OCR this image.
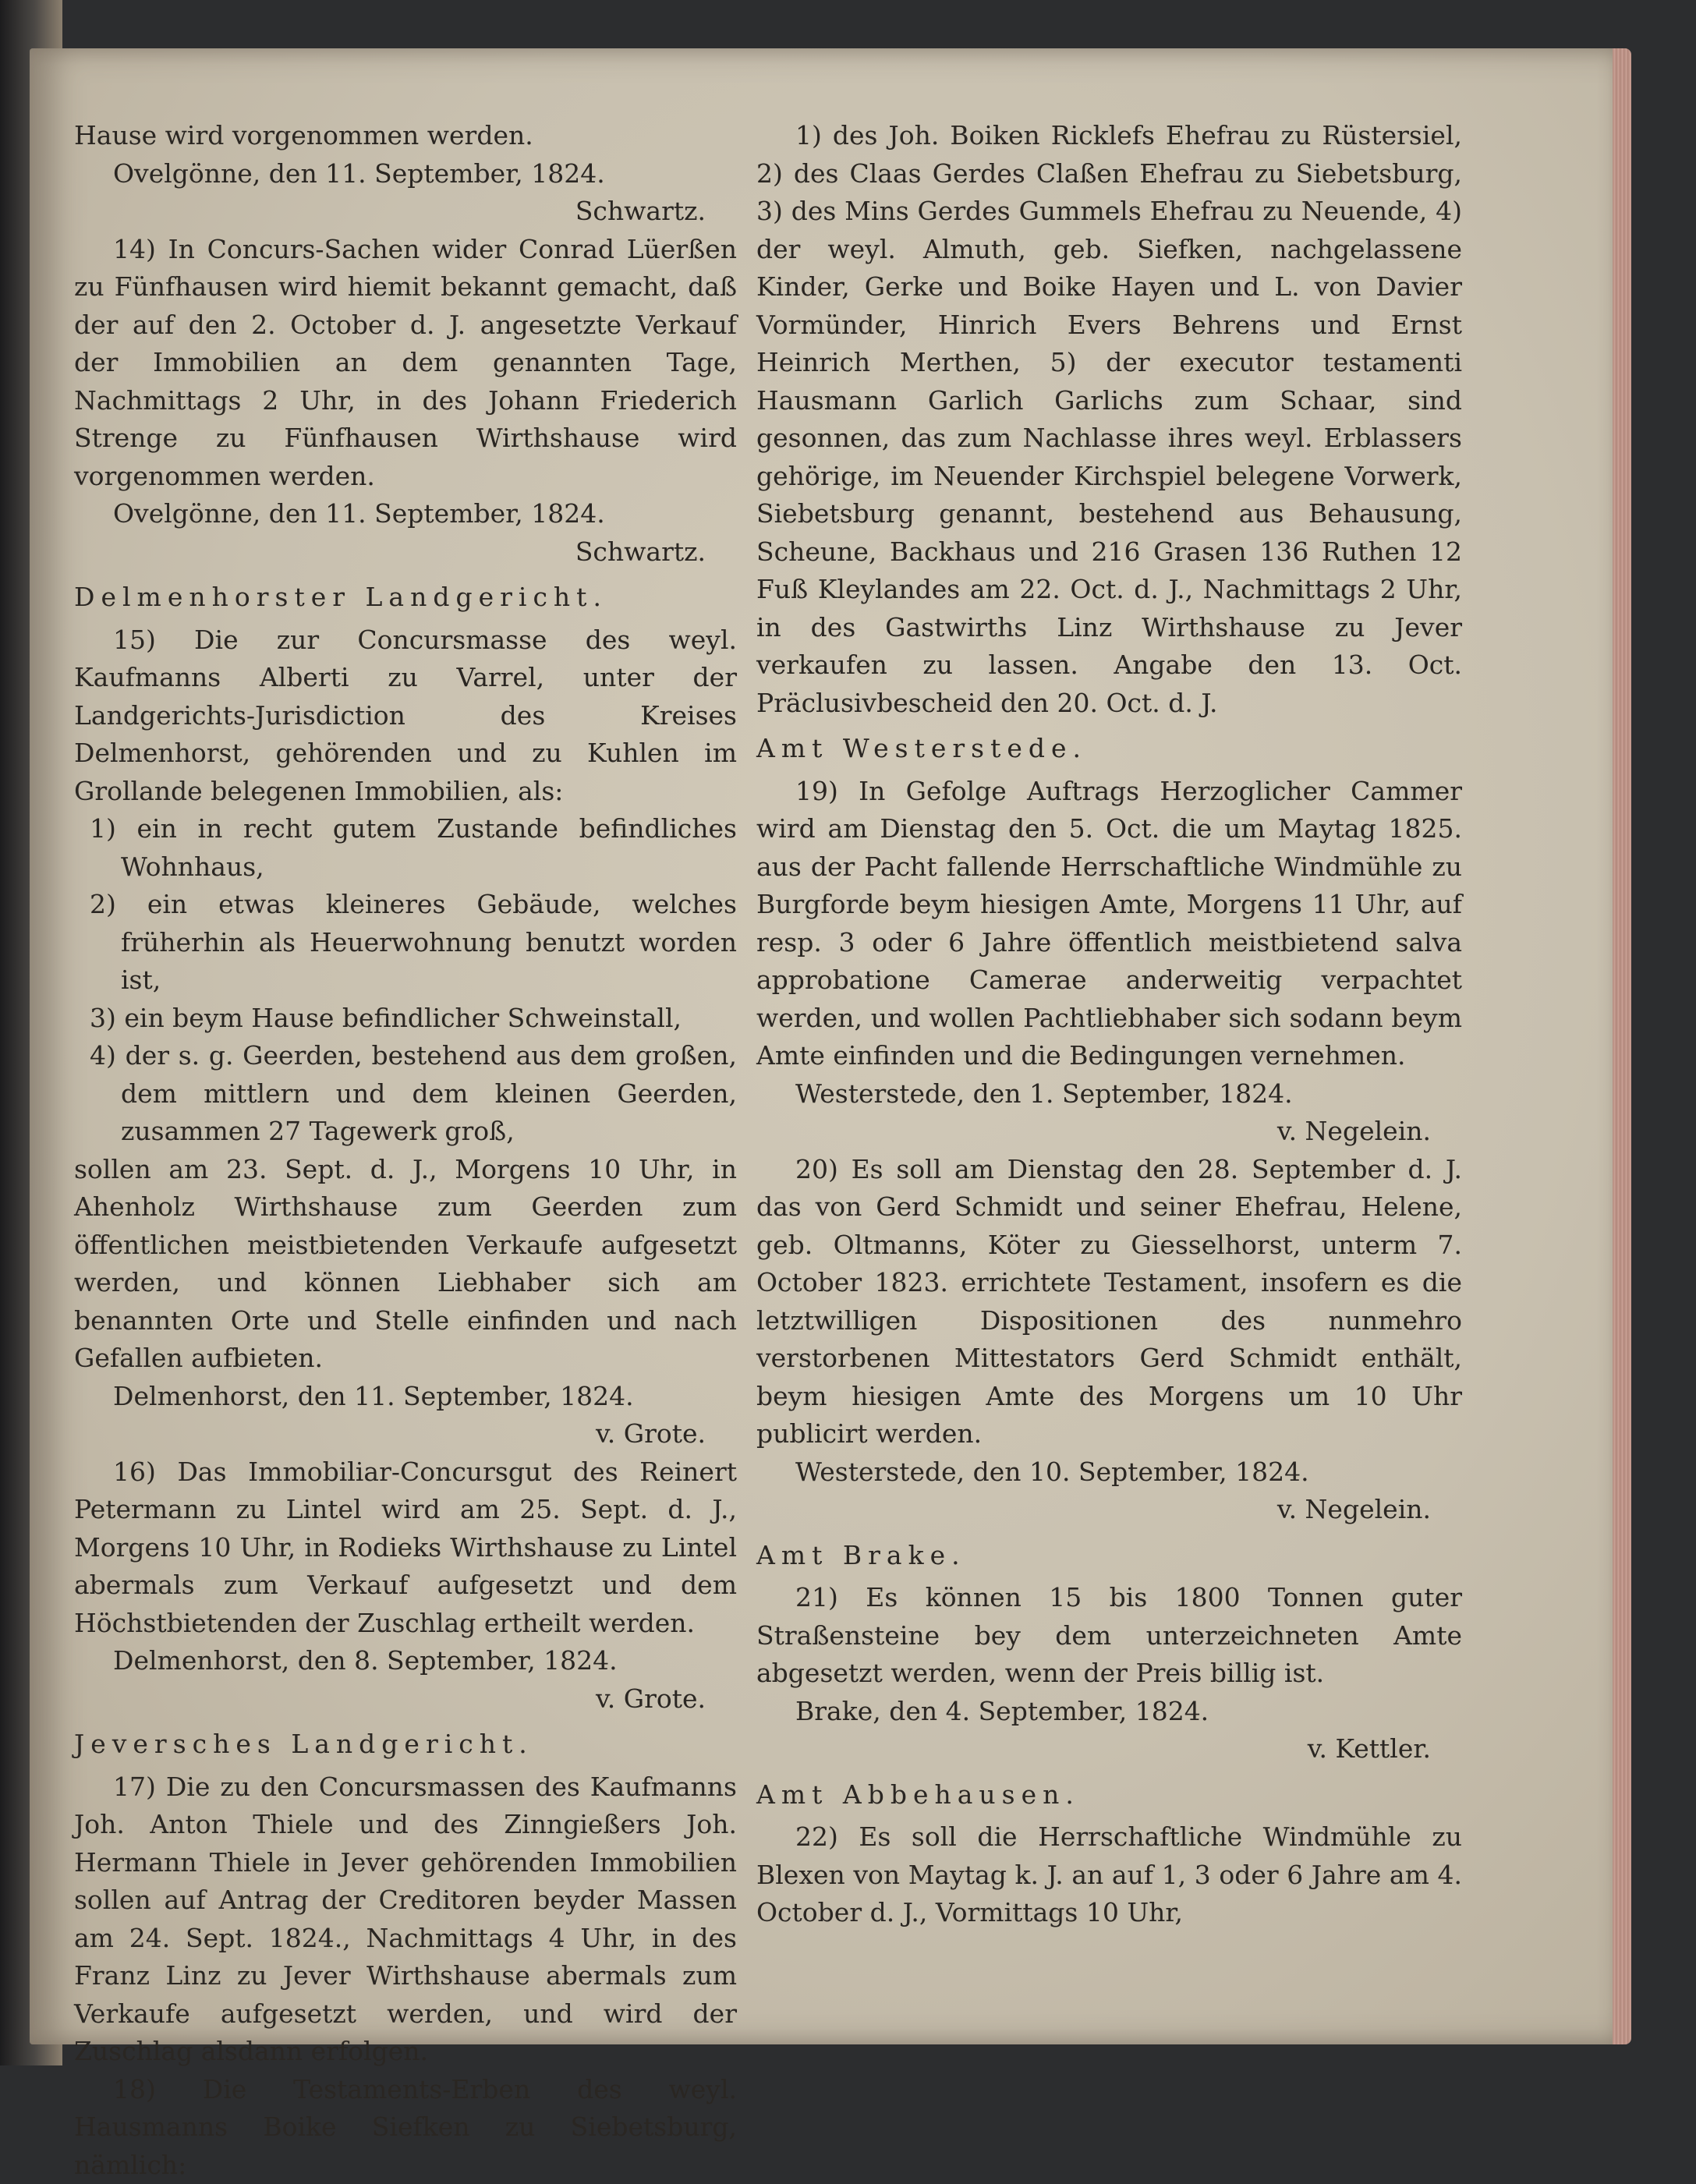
Hause wird vorgenommen werden.

Ovelgönne, den 11. September, 1824.

Schwartz.

14) In Concurs-Sachen wider Conrad Lüerßen zu Fünfhausen wird hiemit bekannt gemacht, daß der auf den 2. October d. J. angesetzte Verkauf der Immobilien an dem genannten Tage, Nachmittags 2 Uhr, in des Johann Friederich Strenge zu Fünfhausen Wirthshause wird vorgenommen werden.

Ovelgönne, den 11. September, 1824.

Schwartz.

Delmenhorster Landgericht.

15) Die zur Concursmasse des weyl. Kaufmanns Alberti zu Varrel, unter der Landgerichts-Jurisdiction des Kreises Delmenhorst, gehörenden und zu Kuhlen im Grollande belegenen Immobilien, als:

1) ein in recht gutem Zustande befindliches Wohnhaus,

2) ein etwas kleineres Gebäude, welches früherhin als Heuerwohnung benutzt worden ist,

3) ein beym Hause befindlicher Schweinstall,

4) der s. g. Geerden, bestehend aus dem großen, dem mittlern und dem kleinen Geerden, zusammen 27 Tagewerk groß,

sollen am 23. Sept. d. J., Morgens 10 Uhr, in Ahenholz Wirthshause zum Geerden zum öffentlichen meistbietenden Verkaufe aufgesetzt werden, und können Liebhaber sich am benannten Orte und Stelle einfinden und nach Gefallen aufbieten.

Delmenhorst, den 11. September, 1824.

v. Grote.

16) Das Immobiliar-Concursgut des Reinert Petermann zu Lintel wird am 25. Sept. d. J., Morgens 10 Uhr, in Rodieks Wirthshause zu Lintel abermals zum Verkauf aufgesetzt und dem Höchstbietenden der Zuschlag ertheilt werden.

Delmenhorst, den 8. September, 1824.

v. Grote.

Jeversches Landgericht.

17) Die zu den Concursmassen des Kaufmanns Joh. Anton Thiele und des Zinngießers Joh. Hermann Thiele in Jever gehörenden Immobilien sollen auf Antrag der Creditoren beyder Massen am 24. Sept. 1824., Nachmittags 4 Uhr, in des Franz Linz zu Jever Wirthshause abermals zum Verkaufe aufgesetzt werden, und wird der Zuschlag alsdann erfolgen.

18) Die Testaments-Erben des weyl. Hausmanns Boike Siefken zu Siebetsburg, nämlich:

1) des Joh. Boiken Ricklefs Ehefrau zu Rüstersiel, 2) des Claas Gerdes Claßen Ehefrau zu Siebetsburg, 3) des Mins Gerdes Gummels Ehefrau zu Neuende, 4) der weyl. Almuth, geb. Siefken, nachgelassene Kinder, Gerke und Boike Hayen und L. von Davier Vormünder, Hinrich Evers Behrens und Ernst Heinrich Merthen, 5) der executor testamenti Hausmann Garlich Garlichs zum Schaar, sind gesonnen, das zum Nachlasse ihres weyl. Erblassers gehörige, im Neuender Kirchspiel belegene Vorwerk, Siebetsburg genannt, bestehend aus Behausung, Scheune, Backhaus und 216 Grasen 136 Ruthen 12 Fuß Kleylandes am 22. Oct. d. J., Nachmittags 2 Uhr, in des Gastwirths Linz Wirthshause zu Jever verkaufen zu lassen. Angabe den 13. Oct. Präclusivbescheid den 20. Oct. d. J.

Amt Westerstede.

19) In Gefolge Auftrags Herzoglicher Cammer wird am Dienstag den 5. Oct. die um Maytag 1825. aus der Pacht fallende Herrschaftliche Windmühle zu Burgforde beym hiesigen Amte, Morgens 11 Uhr, auf resp. 3 oder 6 Jahre öffentlich meistbietend salva approbatione Camerae anderweitig verpachtet werden, und wollen Pachtliebhaber sich sodann beym Amte einfinden und die Bedingungen vernehmen.

Westerstede, den 1. September, 1824.

v. Negelein.

20) Es soll am Dienstag den 28. September d. J. das von Gerd Schmidt und seiner Ehefrau, Helene, geb. Oltmanns, Köter zu Giesselhorst, unterm 7. October 1823. errichtete Testament, insofern es die letztwilligen Dispositionen des nunmehro verstorbenen Mittestators Gerd Schmidt enthält, beym hiesigen Amte des Morgens um 10 Uhr publicirt werden.

Westerstede, den 10. September, 1824.

v. Negelein.

Amt Brake.

21) Es können 15 bis 1800 Tonnen guter Straßensteine bey dem unterzeichneten Amte abgesetzt werden, wenn der Preis billig ist.

Brake, den 4. September, 1824.

v. Kettler.

Amt Abbehausen.

22) Es soll die Herrschaftliche Windmühle zu Blexen von Maytag k. J. an auf 1, 3 oder 6 Jahre am 4. October d. J., Vormittags 10 Uhr,
